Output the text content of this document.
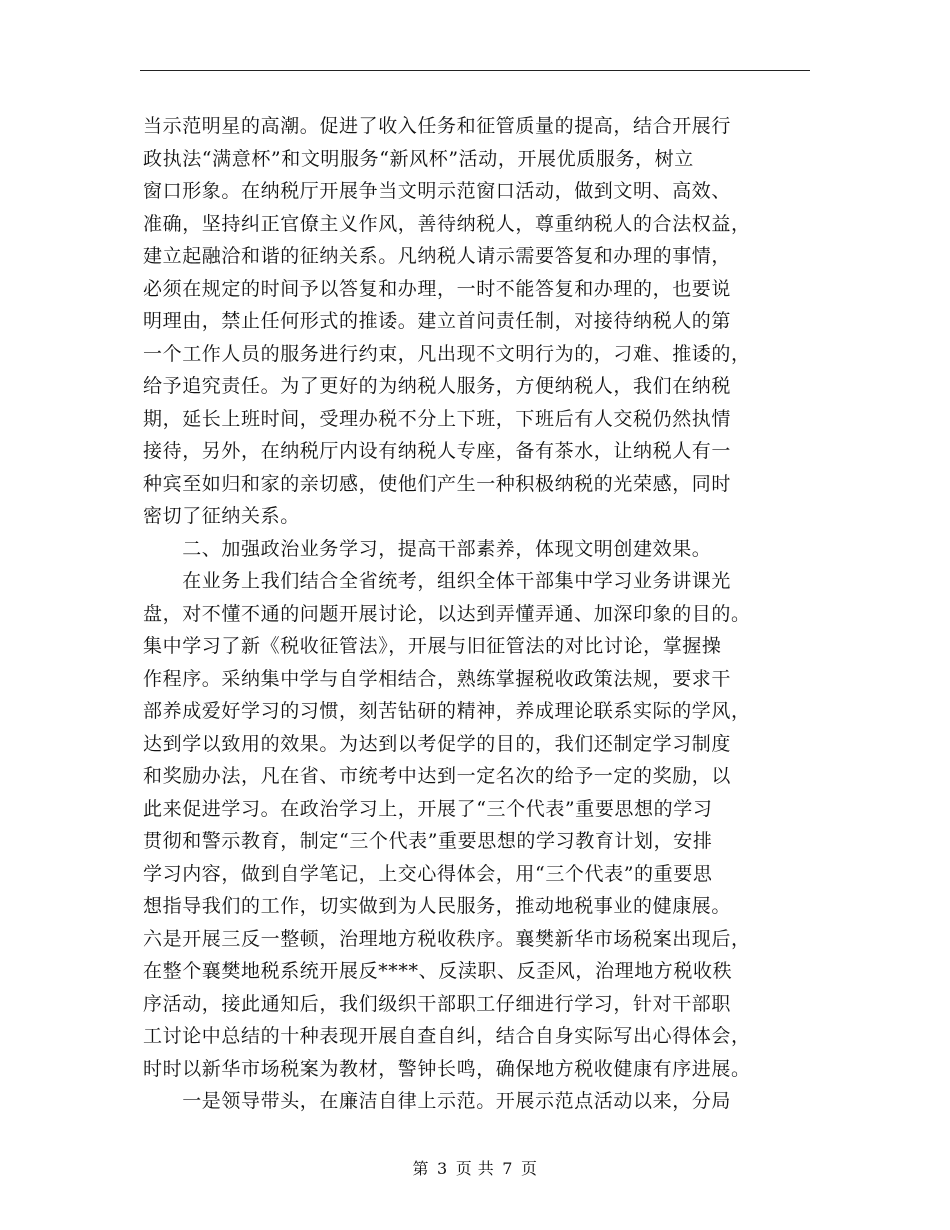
当示范明星的高潮。促进了收入任务和征管质量的提高，结合开展行
政执法“满意杯”和文明服务“新风杯”活动，开展优质服务，树立
窗口形象。在纳税厅开展争当文明示范窗口活动，做到文明、高效、
准确，坚持纠正官僚主义作风，善待纳税人，尊重纳税人的合法权益，
建立起融洽和谐的征纳关系。凡纳税人请示需要答复和办理的事情，
必须在规定的时间予以答复和办理，一时不能答复和办理的，也要说
明理由，禁止任何形式的推诿。建立首问责任制，对接待纳税人的第
一个工作人员的服务进行约束，凡出现不文明行为的，刁难、推诿的，
给予追究责任。为了更好的为纳税人服务，方便纳税人，我们在纳税
期，延长上班时间，受理办税不分上下班，下班后有人交税仍然执情
接待，另外，在纳税厅内设有纳税人专座，备有茶水，让纳税人有一
种宾至如归和家的亲切感，使他们产生一种积极纳税的光荣感，同时
密切了征纳关系。
　　二、加强政治业务学习，提高干部素养，体现文明创建效果。
　　在业务上我们结合全省统考，组织全体干部集中学习业务讲课光
盘，对不懂不通的问题开展讨论，以达到弄懂弄通、加深印象的目的。
集中学习了新《税收征管法》，开展与旧征管法的对比讨论，掌握操
作程序。采纳集中学与自学相结合，熟练掌握税收政策法规，要求干
部养成爱好学习的习惯，刻苦钻研的精神，养成理论联系实际的学风，
达到学以致用的效果。为达到以考促学的目的，我们还制定学习制度
和奖励办法，凡在省、市统考中达到一定名次的给予一定的奖励，以
此来促进学习。在政治学习上，开展了“三个代表”重要思想的学习
贯彻和警示教育，制定“三个代表”重要思想的学习教育计划，安排
学习内容，做到自学笔记，上交心得体会，用“三个代表”的重要思
想指导我们的工作，切实做到为人民服务，推动地税事业的健康展。
六是开展三反一整顿，治理地方税收秩序。襄樊新华市场税案出现后，
在整个襄樊地税系统开展反****、反渎职、反歪风，治理地方税收秩
序活动，接此通知后，我们级织干部职工仔细进行学习，针对干部职
工讨论中总结的十种表现开展自查自纠，结合自身实际写出心得体会，
时时以新华市场税案为教材，警钟长鸣，确保地方税收健康有序进展。
　　一是领导带头，在廉洁自律上示范。开展示范点活动以来，分局
第 3 页 共 7 页
